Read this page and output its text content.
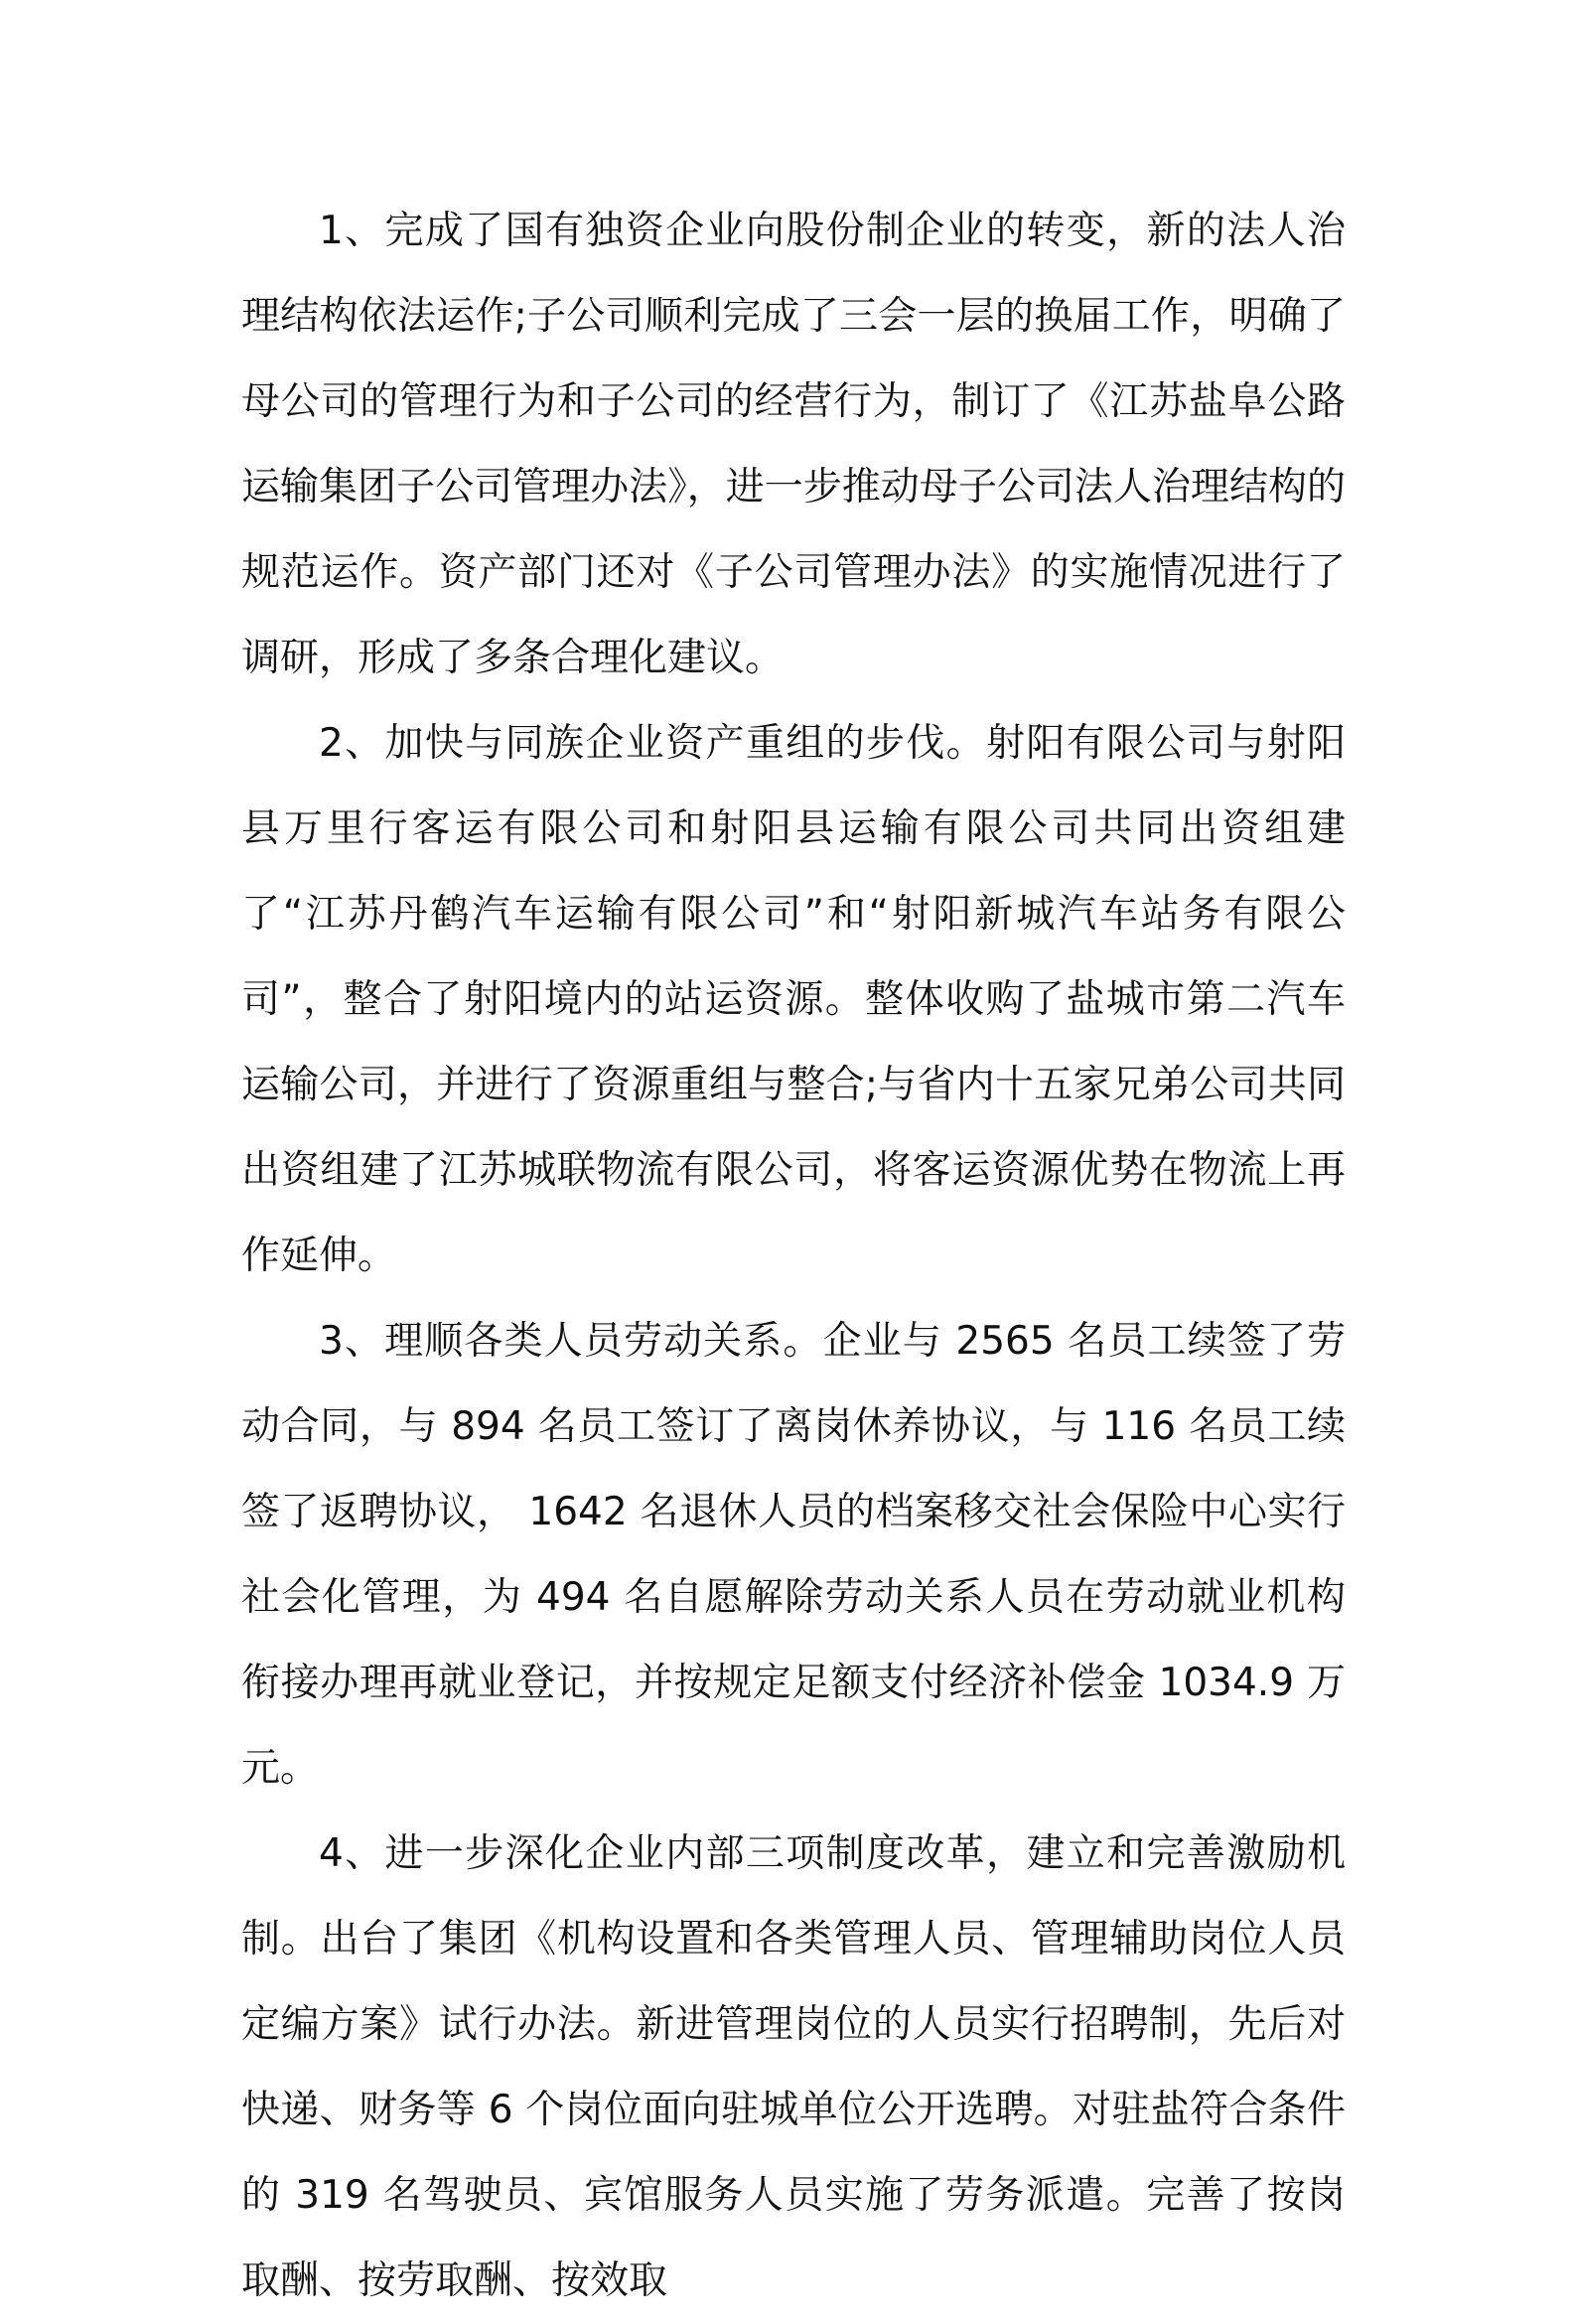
1、完成了国有独资企业向股份制企业的转变，新的法人治理结构依法运作;子公司顺利完成了三会一层的换届工作，明确了母公司的管理行为和子公司的经营行为，制订了《江苏盐阜公路运输集团子公司管理办法》，进一步推动母子公司法人治理结构的规范运作。资产部门还对《子公司管理办法》的实施情况进行了调研，形成了多条合理化建议。

2、加快与同族企业资产重组的步伐。射阳有限公司与射阳县万里行客运有限公司和射阳县运输有限公司共同出资组建了“江苏丹鹤汽车运输有限公司”和“射阳新城汽车站务有限公司”，整合了射阳境内的站运资源。整体收购了盐城市第二汽车运输公司，并进行了资源重组与整合;与省内十五家兄弟公司共同出资组建了江苏城联物流有限公司，将客运资源优势在物流上再作延伸。

3、理顺各类人员劳动关系。企业与 2565 名员工续签了劳动合同，与 894 名员工签订了离岗休养协议，与 116 名员工续签了返聘协议， 1642 名退休人员的档案移交社会保险中心实行社会化管理，为 494 名自愿解除劳动关系人员在劳动就业机构衔接办理再就业登记，并按规定足额支付经济补偿金 1034.9 万元。

4、进一步深化企业内部三项制度改革，建立和完善激励机制。出台了集团《机构设置和各类管理人员、管理辅助岗位人员定编方案》试行办法。新进管理岗位的人员实行招聘制，先后对快递、财务等 6 个岗位面向驻城单位公开选聘。对驻盐符合条件的 319 名驾驶员、宾馆服务人员实施了劳务派遣。完善了按岗取酬、按劳取酬、按效取
